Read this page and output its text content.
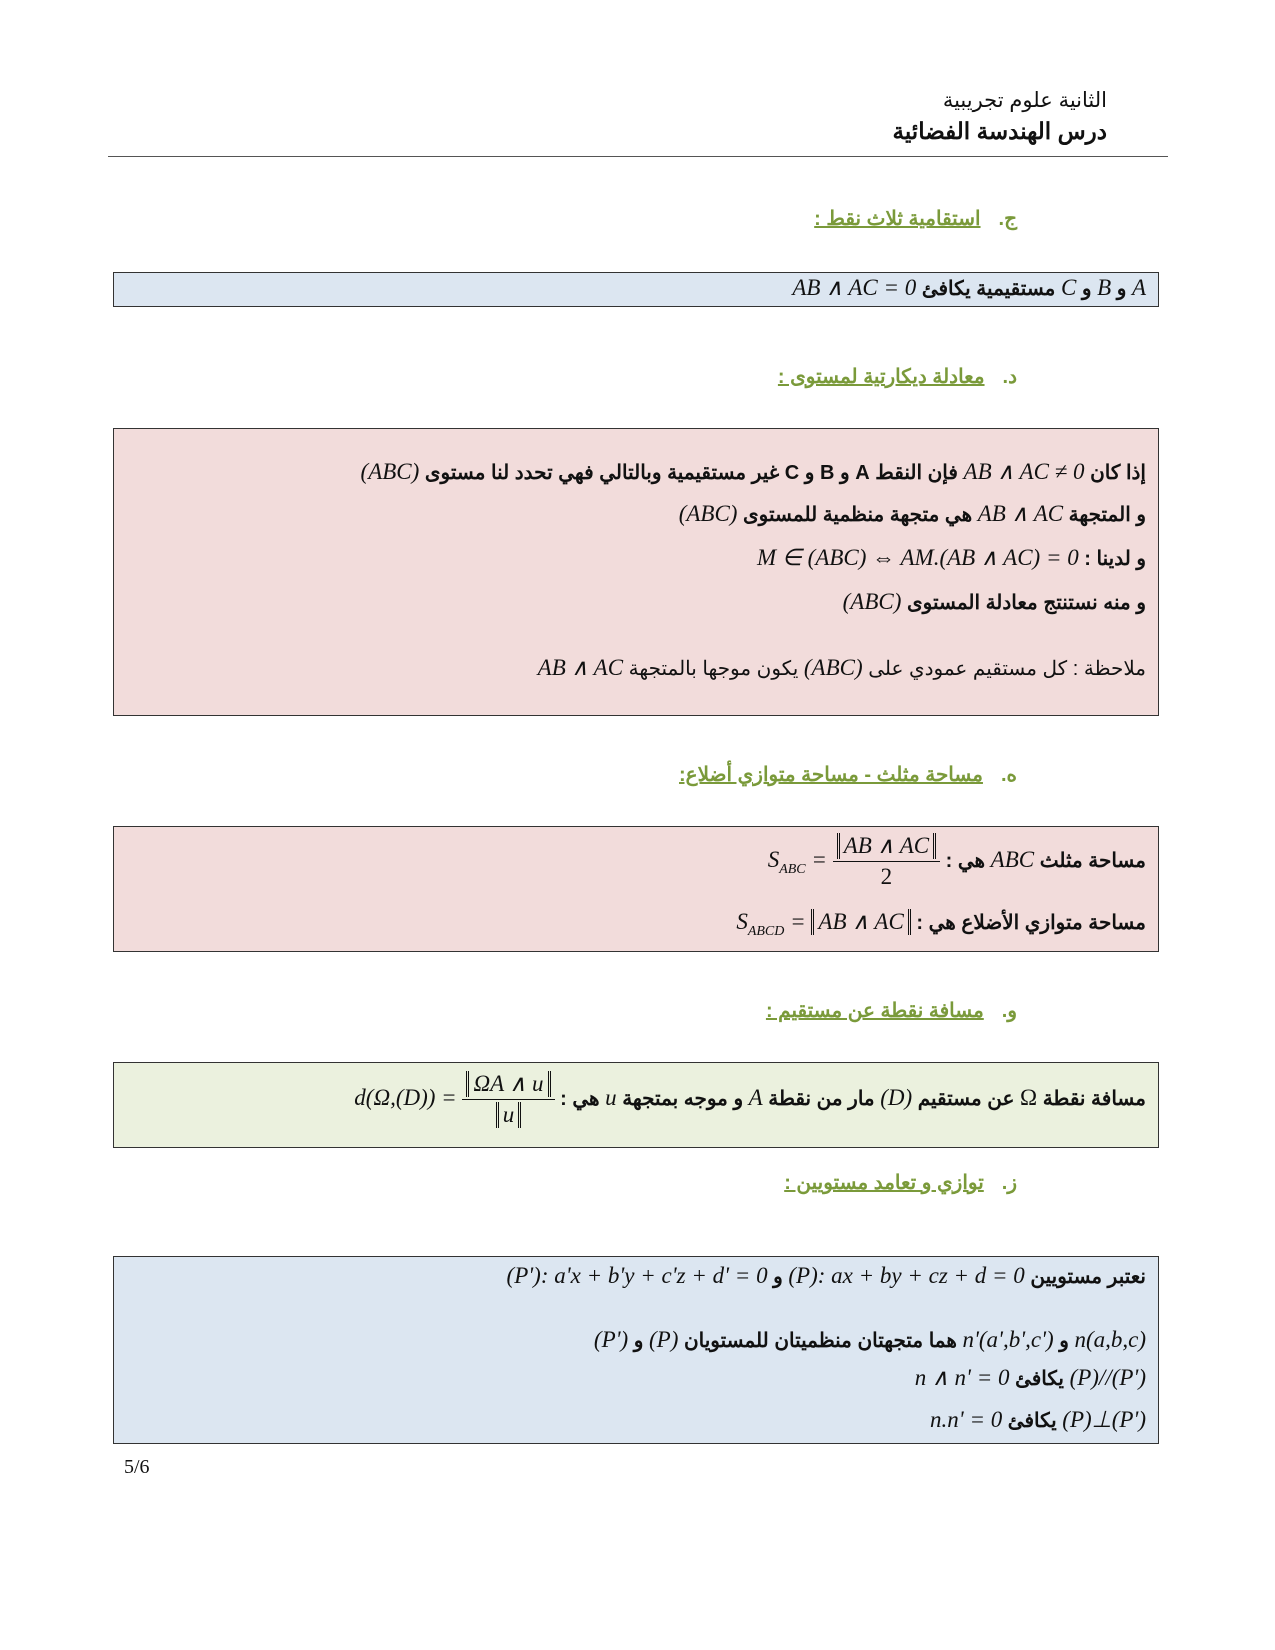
الثانية علوم تجريبية
درس الهندسة الفضائية
ج.استقامية ثلاث نقط :
A و B و C مستقيمية يكافئ AB ∧ AC = 0
د.معادلة ديكارتية لمستوى :
إذا كان AB ∧ AC ≠ 0 فإن النقط A و B و C غير مستقيمية وبالتالي فهي تحدد لنا مستوى (ABC)
و المتجهة AB ∧ AC هي متجهة منظمية للمستوى (ABC)
و لدينا : M ∈ (ABC) ⇔ AM.(AB ∧ AC) = 0
و منه نستنتج معادلة المستوى (ABC)
ملاحظة : كل مستقيم عمودي على (ABC) يكون موجها بالمتجهة AB ∧ AC
ه.مساحة مثلث - مساحة متوازي أضلاع:
مساحة مثلث ABC هي : $S_{ABC} = \frac{AB \wedge AC}{2}$
مساحة متوازي الأضلاع هي : $S_{ABCD}$ = AB ∧ AC
و.مسافة نقطة عن مستقيم :
مسافة نقطة Ω عن مستقيم (D) مار من نقطة A و موجه بمتجهة u هي : $d(\Omega,(D)) = \frac{\Omega A \wedge u}{u}$
ز.توازي و تعامد مستويين :
نعتبر مستويين (P): ax + by + cz + d = 0 و (P'): a'x + b'y + c'z + d' = 0
n(a,b,c) و n'(a',b',c') هما متجهتان منظميتان للمستويان (P) و (P')
(P)//(P') يكافئ n ∧ n' = 0
(P)⊥(P') يكافئ n.n' = 0
5/6
